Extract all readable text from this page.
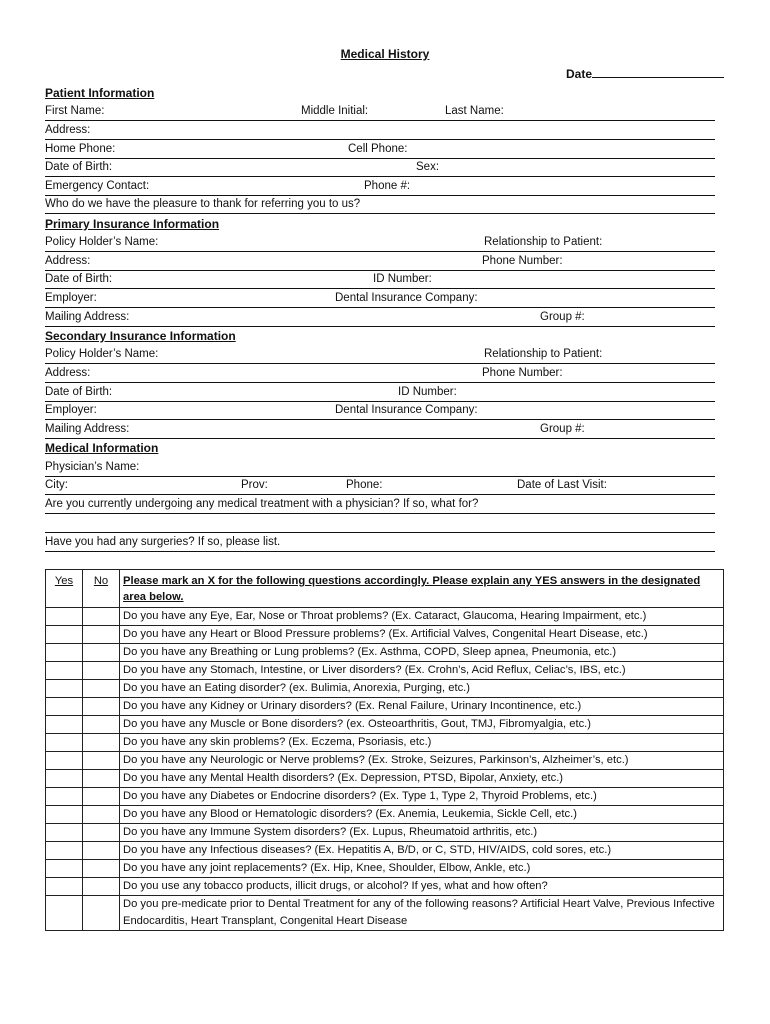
Medical History
Date
Patient Information
First Name:	Middle Initial:	Last Name:
Address:
Home Phone:	Cell Phone:
Date of Birth:	Sex:
Emergency Contact:	Phone #:
Who do we have the pleasure to thank for referring you to us?
Primary Insurance Information
Policy Holder’s Name:	Relationship to Patient:
Address:	Phone Number:
Date of Birth:	ID Number:
Employer:	Dental Insurance Company:
Mailing Address:	Group #:
Secondary Insurance Information
Policy Holder’s Name:	Relationship to Patient:
Address:	Phone Number:
Date of Birth:	ID Number:
Employer:	Dental Insurance Company:
Mailing Address:	Group #:
Medical Information
Physician’s Name:
City:	Prov:	Phone:	Date of Last Visit:
Are you currently undergoing any medical treatment with a physician? If so, what for?
Have you had any surgeries? If so, please list.
Yes	No	Please mark an X for the following questions accordingly. Please explain any YES answers in the designated area below.
		Do you have any Eye, Ear, Nose or Throat problems? (Ex. Cataract, Glaucoma, Hearing Impairment, etc.)
		Do you have any Heart or Blood Pressure problems? (Ex. Artificial Valves, Congenital Heart Disease, etc.)
		Do you have any Breathing or Lung problems? (Ex. Asthma, COPD, Sleep apnea, Pneumonia, etc.)
		Do you have any Stomach, Intestine, or Liver disorders? (Ex. Crohn’s, Acid Reflux, Celiac’s, IBS, etc.)
		Do you have an Eating disorder? (ex. Bulimia, Anorexia, Purging, etc.)
		Do you have any Kidney or Urinary disorders? (Ex. Renal Failure, Urinary Incontinence, etc.)
		Do you have any Muscle or Bone disorders? (ex. Osteoarthritis, Gout, TMJ, Fibromyalgia, etc.)
		Do you have any skin problems? (Ex. Eczema, Psoriasis, etc.)
		Do you have any Neurologic or Nerve problems? (Ex. Stroke, Seizures, Parkinson’s, Alzheimer’s, etc.)
		Do you have any Mental Health disorders? (Ex. Depression, PTSD, Bipolar, Anxiety, etc.)
		Do you have any Diabetes or Endocrine disorders? (Ex. Type 1, Type 2, Thyroid Problems, etc.)
		Do you have any Blood or Hematologic disorders? (Ex. Anemia, Leukemia, Sickle Cell, etc.)
		Do you have any Immune System disorders? (Ex. Lupus, Rheumatoid arthritis, etc.)
		Do you have any Infectious diseases? (Ex. Hepatitis A, B/D, or C, STD, HIV/AIDS, cold sores, etc.)
		Do you have any joint replacements? (Ex. Hip, Knee, Shoulder, Elbow, Ankle, etc.)
		Do you use any tobacco products, illicit drugs, or alcohol? If yes, what and how often?
		Do you pre-medicate prior to Dental Treatment for any of the following reasons? Artificial Heart Valve, Previous Infective Endocarditis, Heart Transplant, Congenital Heart Disease
